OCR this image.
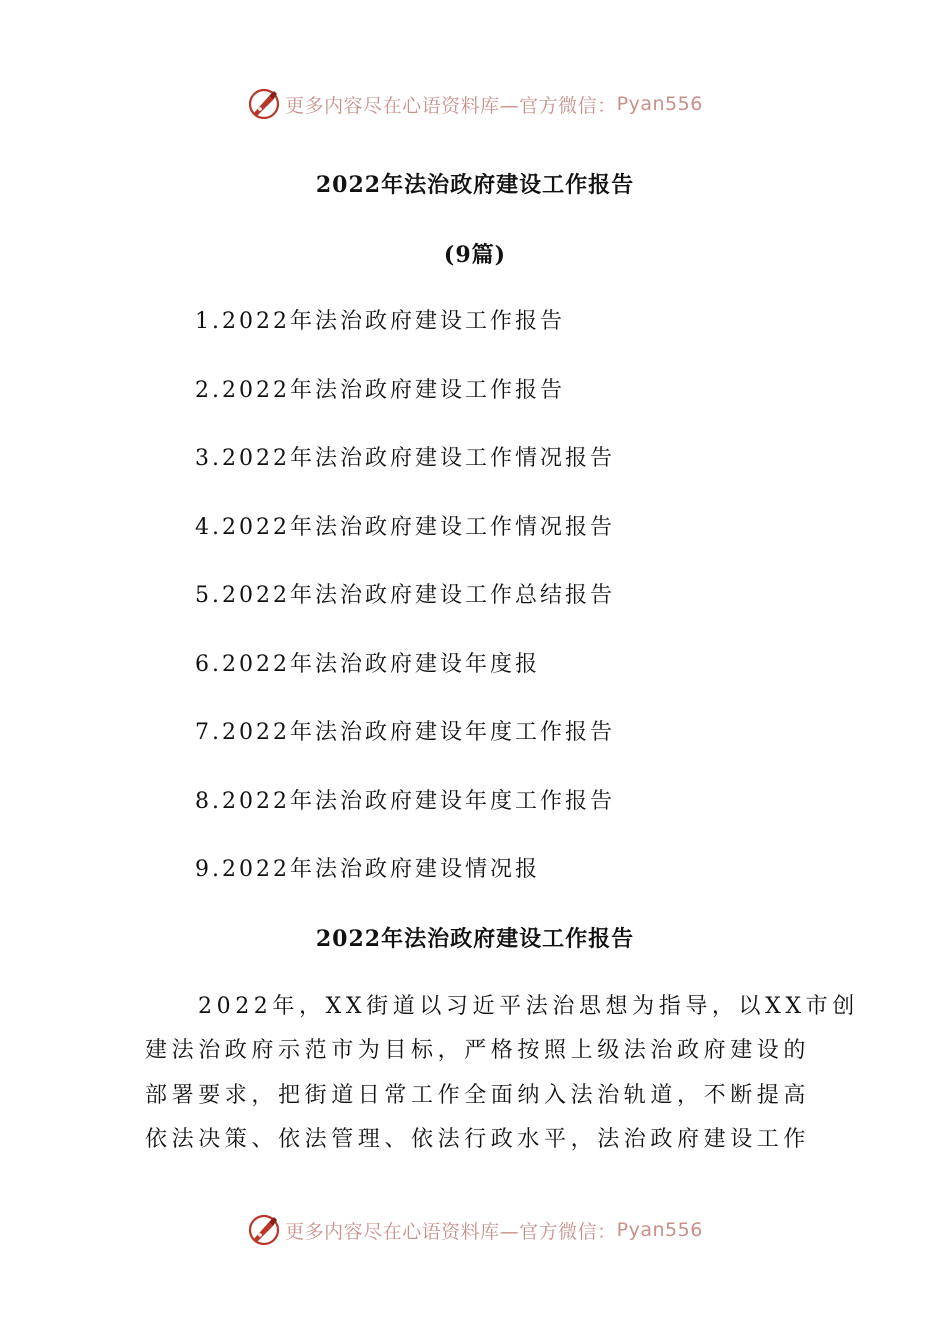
更多内容尽在心语资料库—官方微信： Pyan556
2022年法治政府建设工作报告
(9篇)
1.2022年法治政府建设工作报告
2.2022年法治政府建设工作报告
3.2022年法治政府建设工作情况报告
4.2022年法治政府建设工作情况报告
5.2022年法治政府建设工作总结报告
6.2022年法治政府建设年度报
7.2022年法治政府建设年度工作报告
8.2022年法治政府建设年度工作报告
9.2022年法治政府建设情况报
2022年法治政府建设工作报告
2022年，XX街道以习近平法治思想为指导，以XX市创
建法治政府示范市为目标，严格按照上级法治政府建设的
部署要求，把街道日常工作全面纳入法治轨道，不断提高
依法决策、依法管理、依法行政水平，法治政府建设工作
更多内容尽在心语资料库—官方微信： Pyan556
